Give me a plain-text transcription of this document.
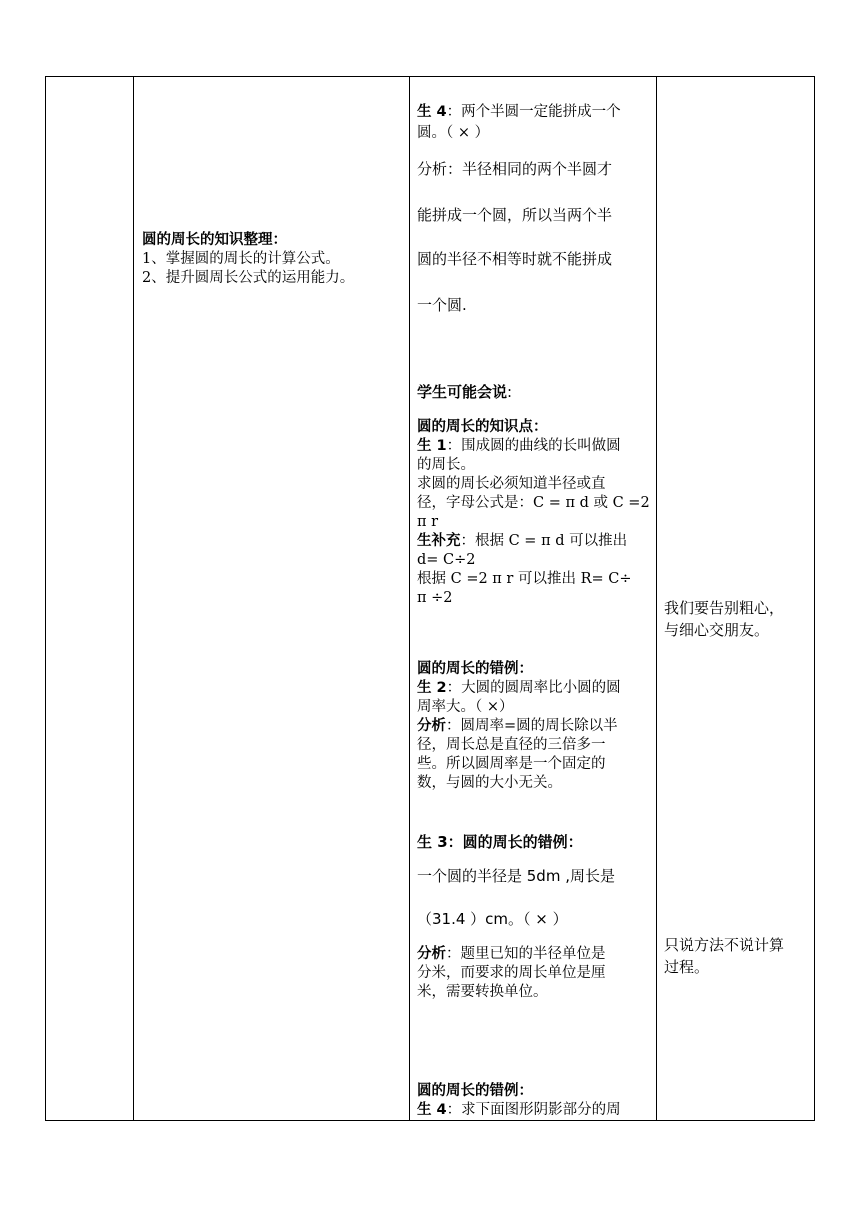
圆的周长的知识整理：

1、掌握圆的周长的计算公式。

2、提升圆周长公式的运用能力。

生 4：两个半圆一定能拼成一个
圆。（ × ）
分析：半径相同的两个半圆才
能拼成一个圆，所以当两个半
圆的半径不相等时就不能拼成
一个圆.
学生可能会说:

圆的周长的知识点：

生 1：围成圆的曲线的长叫做圆

的周长。

求圆的周长必须知道半径或直

径，字母公式是：C = π d 或 C =2

π r

生补充：根据 C = π d 可以推出

d= C÷2

根据 C =2 π r 可以推出 R= C÷

π ÷2

圆的周长的错例：

生 2：大圆的圆周率比小圆的圆

周率大。（ ×）

分析：圆周率=圆的周长除以半

径，周长总是直径的三倍多一

些。所以圆周率是一个固定的

数，与圆的大小无关。

生 3：圆的周长的错例：
一个圆的半径是 5dm ,周长是
（31.4 ）cm。（ × ）

分析：题里已知的半径单位是

分米，而要求的周长单位是厘

米，需要转换单位。

圆的周长的错例：

生 4：求下面图形阴影部分的周

我们要告别粗心，

与细心交朋友。

只说方法不说计算

过程。
